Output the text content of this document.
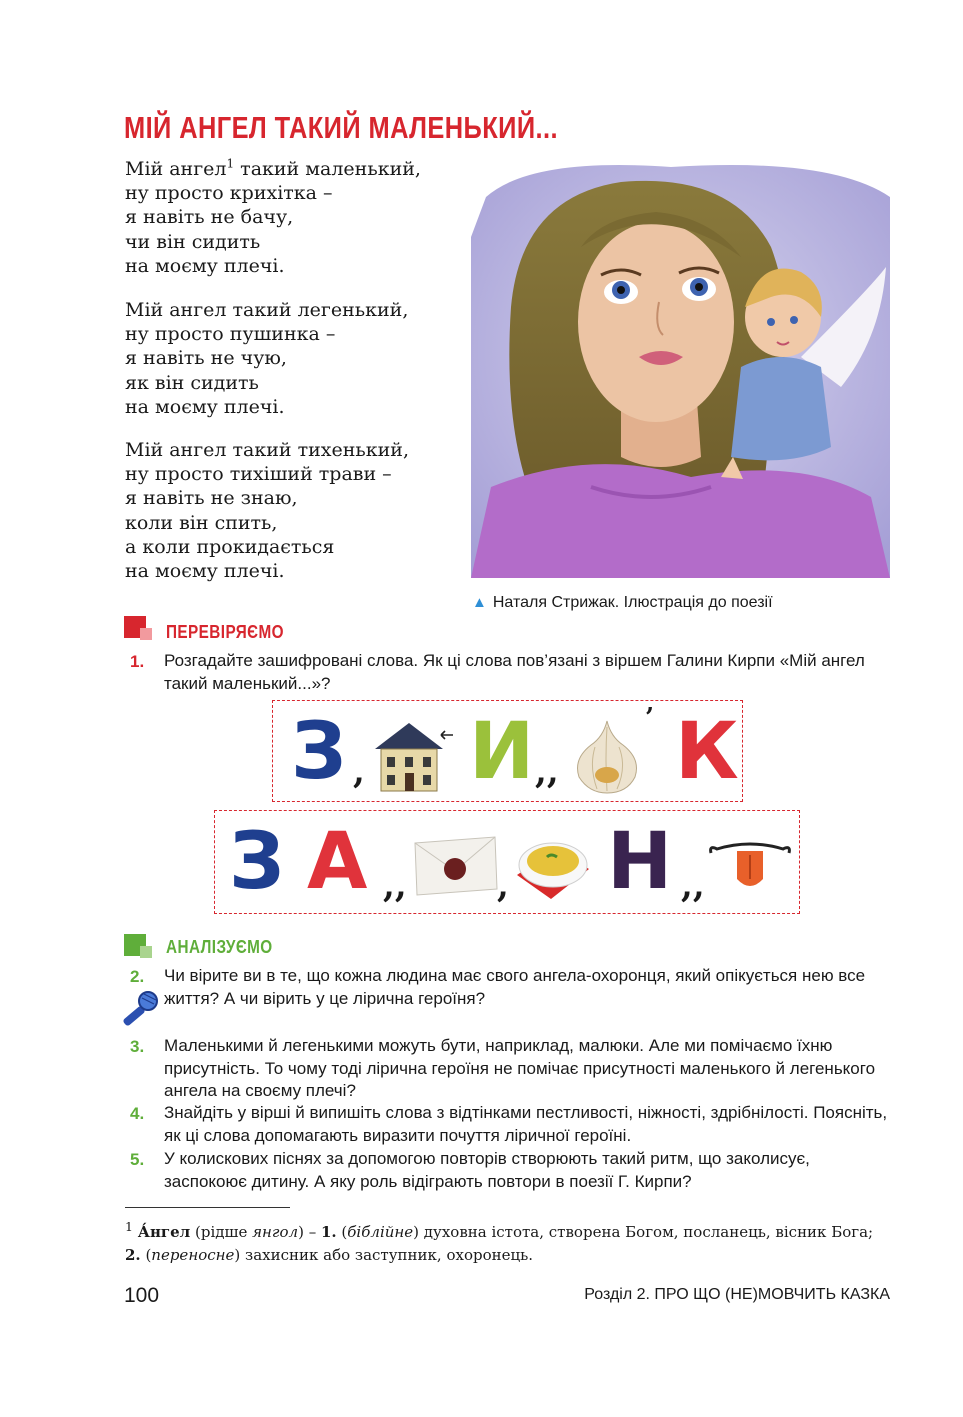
МІЙ АНГЕЛ ТАКИЙ МАЛЕНЬКИЙ...
Мій ангел$^1$ такий маленький,
ну просто крихітка –
я навіть не бачу,
чи він сидить
на моєму плечі.
Мій ангел такий легенький,
ну просто пушинка –
я навіть не чую,
як він сидить
на моєму плечі.
Мій ангел такий тихенький,
ну просто тихіший трави –
я навіть не знаю,
коли він спить,
а коли прокидається
на моєму плечі.
▲ Наталя Стрижак. Ілюстрація до поезії
ПЕРЕВІРЯЄМО
1. Розгадайте зашифровані слова. Як ці слова пов’язані з віршем Галини Кирпи «Мій ангел такий маленький...»?
З , И ,,
’ К
З А ,,	, Н ,,
АНАЛІЗУЄМО
2. Чи вірите ви в те, що кожна людина має свого ангела-охоронця, який опікується нею все життя? А чи вірить у це ліричнa героїня?
3. Маленькими й легенькими можуть бути, наприклад, малюки. Але ми помічаємо їхню присутність. То чому тоді лірична героїня не помічає присутності маленького й легенького ангела на своєму плечі?
4. Знайдіть у вірші й випишіть слова з відтінками пестливості, ніжності, здрібнілості. Поясніть, як ці слова допомагають виразити почуття ліричної героїні.
5. У колискових піснях за допомогою повторів створюють такий ритм, що заколисує, заспокоює дитину. А яку роль відіграють повтори в поезії Г. Кирпи?
$^1$ А́нгел (рідше янгол) – 1. (біблійне) духовна істота, створена Богом, посланець, вісник Бога; 2. (переносне) захисник або заступник, охоронець.
100	Розділ 2. ПРО ЩО (НЕ)МОВЧИТЬ КАЗКА
